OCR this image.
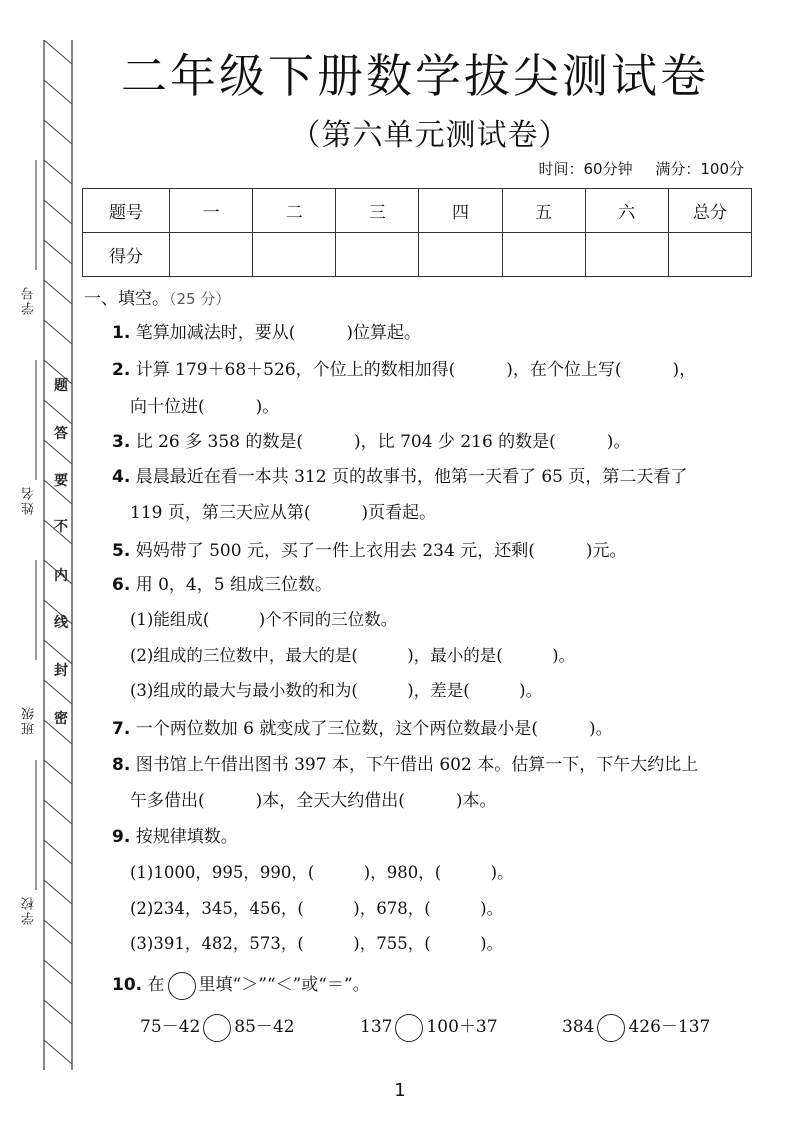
学号
姓名
班级
学校
题
答
要
不
内
线
封
密
二年级下册数学拔尖测试卷
（第六单元测试卷）
时间：60分钟 满分：100分
题号	一	二	三	四	五	六	总分
得分							
一、填空。（25 分）
1. 笔算加减法时，要从(　　　)位算起。
2. 计算 179＋68＋526，个位上的数相加得(　　　)，在个位上写(　　　)，
向十位进(　　　)。
3. 比 26 多 358 的数是(　　　)，比 704 少 216 的数是(　　　)。
4. 晨晨最近在看一本共 312 页的故事书，他第一天看了 65 页，第二天看了
119 页，第三天应从第(　　　)页看起。
5. 妈妈带了 500 元，买了一件上衣用去 234 元，还剩(　　　)元。
6. 用 0，4，5 组成三位数。
(1)能组成(　　　)个不同的三位数。
(2)组成的三位数中，最大的是(　　　)，最小的是(　　　)。
(3)组成的最大与最小数的和为(　　　)，差是(　　　)。
7. 一个两位数加 6 就变成了三位数，这个两位数最小是(　　　)。
8. 图书馆上午借出图书 397 本，下午借出 602 本。估算一下，下午大约比上
午多借出(　　　)本，全天大约借出(　　　)本。
9. 按规律填数。
(1)1000，995，990，(　　　)，980，(　　　)。
(2)234，345，456，(　　　)，678，(　　　)。
(3)391，482，573，(　　　)，755，(　　　)。
10. 在 里填“＞”“＜”或“＝”。
75－42 85－42	137 100＋37	384 426－137
1
